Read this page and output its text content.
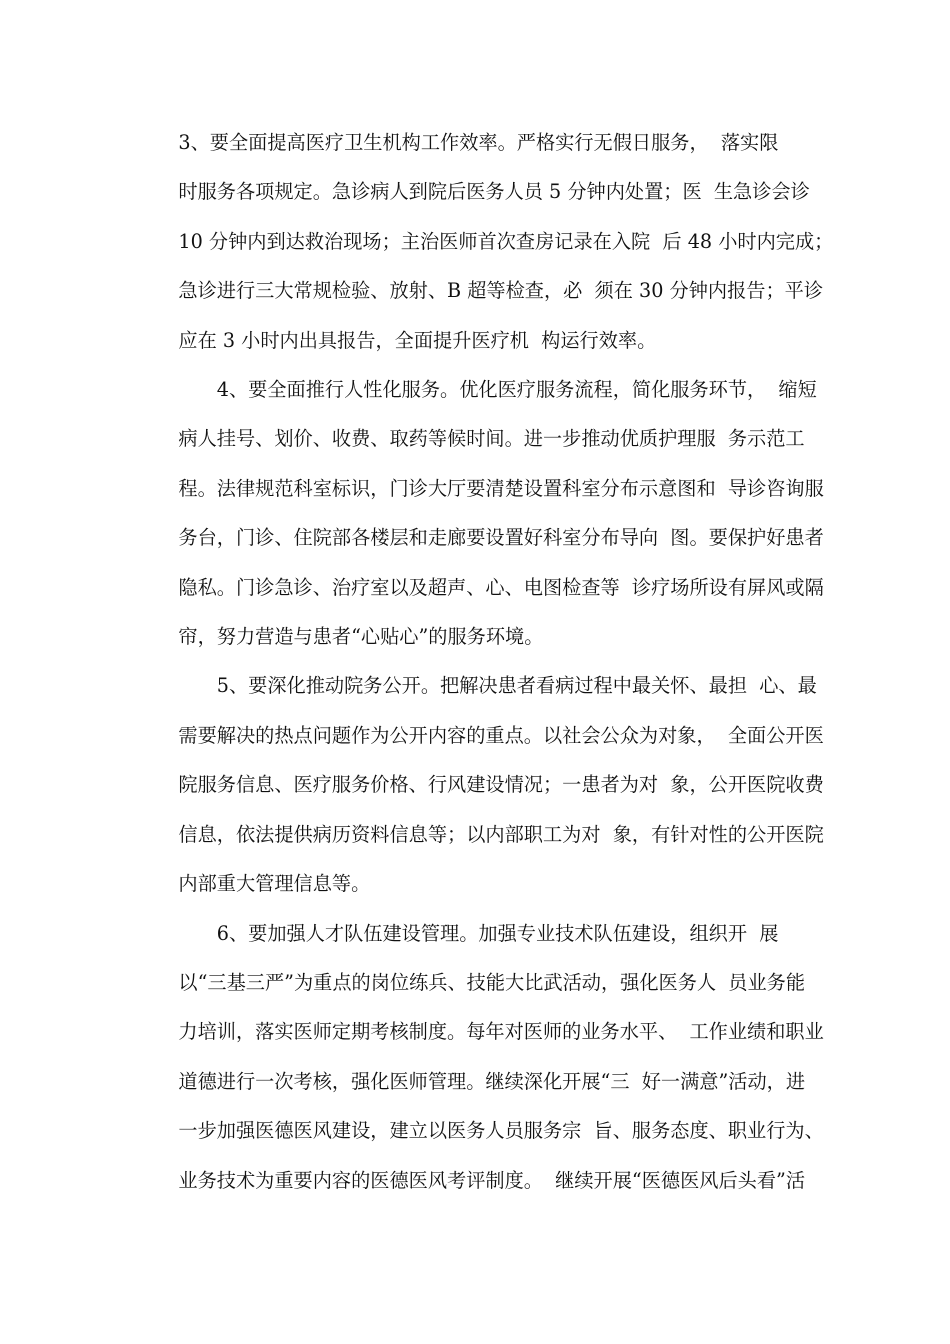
3、要全面提高医疗卫生机构工作效率。严格实行无假日服务，  落实限
时服务各项规定。急诊病人到院后医务人员 5 分钟内处置；医  生急诊会诊
10 分钟内到达救治现场；主治医师首次查房记录在入院  后 48 小时内完成；
急诊进行三大常规检验、放射、B 超等检查，必  须在 30 分钟内报告；平诊
应在 3 小时内出具报告，全面提升医疗机  构运行效率。

4、要全面推行人性化服务。优化医疗服务流程，简化服务环节，  缩短
病人挂号、划价、收费、取药等候时间。进一步推动优质护理服  务示范工
程。法律规范科室标识，门诊大厅要清楚设置科室分布示意图和  导诊咨询服
务台，门诊、住院部各楼层和走廊要设置好科室分布导向  图。要保护好患者
隐私。门诊急诊、治疗室以及超声、心、电图检查等  诊疗场所设有屏风或隔
帘，努力营造与患者“心贴心”的服务环境。

5、要深化推动院务公开。把解决患者看病过程中最关怀、最担  心、最
需要解决的热点问题作为公开内容的重点。以社会公众为对象，  全面公开医
院服务信息、医疗服务价格、行风建设情况；一患者为对  象，公开医院收费
信息，依法提供病历资料信息等；以内部职工为对  象，有针对性的公开医院
内部重大管理信息等。

6、要加强人才队伍建设管理。加强专业技术队伍建设，组织开  展
以“三基三严”为重点的岗位练兵、技能大比武活动，强化医务人  员业务能
力培训，落实医师定期考核制度。每年对医师的业务水平、  工作业绩和职业
道德进行一次考核，强化医师管理。继续深化开展“三  好一满意”活动，进
一步加强医德医风建设，建立以医务人员服务宗  旨、服务态度、职业行为、
业务技术为重要内容的医德医风考评制度。  继续开展“医德医风后头看”活
